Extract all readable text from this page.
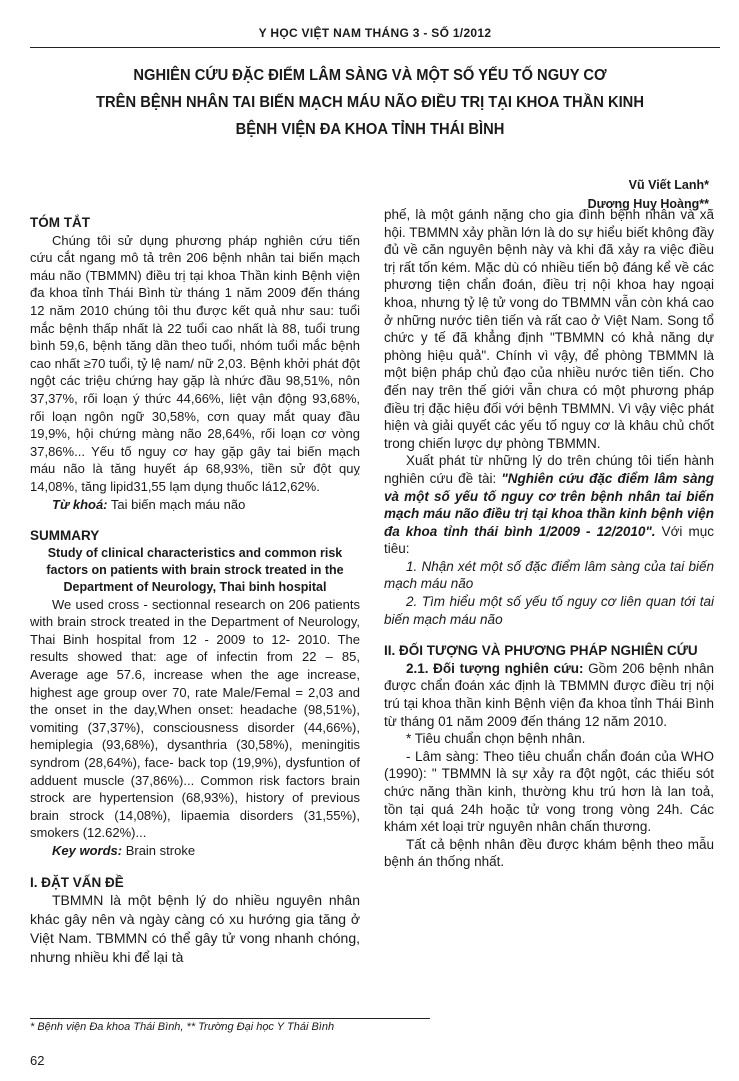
Y HỌC VIỆT NAM THÁNG 3 - SỐ 1/2012
NGHIÊN CỨU ĐẶC ĐIỂM LÂM SÀNG VÀ MỘT SỐ YẾU TỐ NGUY CƠ
TRÊN BỆNH NHÂN TAI BIẾN MẠCH MÁU NÃO ĐIỀU TRỊ TẠI KHOA THẦN KINH
BỆNH VIỆN ĐA KHOA TỈNH THÁI BÌNH
Vũ Viết Lanh*
Dương Huy Hoàng**

TÓM TẮT

Chúng tôi sử dụng phương pháp nghiên cứu tiến cứu cắt ngang mô tả trên 206 bệnh nhân tai biến mạch máu não (TBMMN) điều trị tại khoa Thần kinh Bệnh viện đa khoa tỉnh Thái Bình từ tháng 1 năm 2009 đến tháng 12 năm 2010 chúng tôi thu được kết quả như sau: tuổi mắc bệnh thấp nhất là 22 tuổi cao nhất là 88, tuổi trung bình 59,6, bệnh tăng dần theo tuổi, nhóm tuổi mắc bệnh cao nhất ≥70 tuổi, tỷ lệ nam/ nữ 2,03. Bệnh khởi phát đột ngột các triệu chứng hay gặp là nhức đầu 98,51%, nôn 37,37%, rối loạn ý thức 44,66%, liệt vận động 93,68%, rối loạn ngôn ngữ 30,58%, cơn quay mắt quay đầu 19,9%, hội chứng màng não 28,64%, rối loạn cơ vòng 37,86%... Yếu tố nguy cơ hay gặp gây tai biến mạch máu não là tăng huyết áp 68,93%, tiền sử đột quỵ 14,08%, tăng lipid31,55 lạm dụng thuốc lá12,62%.

Từ khoá: Tai biến mạch máu não

SUMMARY

Study of clinical characteristics and common risk factors on patients with brain strock treated in the Department of Neurology, Thai binh hospital

We used cross - sectionnal research on 206 patients with brain strock treated in the Department of Neurology, Thai Binh hospital from 12 - 2009 to 12- 2010. The results showed that: age of infectin from 22 – 85, Average age 57.6, increase when the age increase, highest age group over 70, rate Male/Femal = 2,03 and the onset in the day,When onset: headache (98,51%), vomiting (37,37%), consciousness disorder (44,66%), hemiplegia (93,68%), dysanthria (30,58%), meningitis syndrom (28,64%), face- back top (19,9%), dysfuntion of adduent muscle (37,86%)... Common risk factors brain strock are hypertension (68,93%), history of previous brain strock (14,08%), lipaemia disorders (31,55%), smokers (12.62%)...

Key words: Brain stroke

I. ĐẶT VẤN ĐỀ

TBMMN là một bệnh lý do nhiều nguyên nhân khác gây nên và ngày càng có xu hướng gia tăng ở Việt Nam. TBMMN có thể gây tử vong nhanh chóng, nhưng nhiều khi để lại tà

phế, là một gánh nặng cho gia đình bệnh nhân và xã hội. TBMMN xảy phần lớn là do sự hiểu biết không đầy đủ về căn nguyên bệnh này và khi đã xảy ra việc điều trị rất tốn kém. Mặc dù có nhiều tiến bộ đáng kể về các phương tiện chẩn đoán, điều trị nội khoa hay ngoại khoa, nhưng tỷ lệ tử vong do TBMMN vẫn còn khá cao ở những nước tiên tiến và rất cao ở Việt Nam. Song tổ chức y tế đã khẳng định "TBMMN có khả năng dự phòng hiệu quả". Chính vì vậy, để phòng TBMMN là một biện pháp chủ đạo của nhiều nước tiên tiến. Cho đến nay trên thế giới vẫn chưa có một phương pháp điều trị đặc hiệu đối với bệnh TBMMN. Vì vậy việc phát hiện và giải quyết các yếu tố nguy cơ là khâu chủ chốt trong chiến lược dự phòng TBMMN.

Xuất phát từ những lý do trên chúng tôi tiến hành nghiên cứu đề tài: "Nghiên cứu đặc điểm lâm sàng và một số yếu tố nguy cơ trên bệnh nhân tai biến mạch máu não điều trị tại khoa thần kinh bệnh viện đa khoa tỉnh thái bình 1/2009 - 12/2010". Với mục tiêu:

1. Nhận xét một số đặc điểm lâm sàng của tai biến mạch máu não

2. Tìm hiểu một số yếu tố nguy cơ liên quan tới tai biến mạch máu não

II. ĐỐI TƯỢNG VÀ PHƯƠNG PHÁP NGHIÊN CỨU

2.1. Đối tượng nghiên cứu: Gồm 206 bệnh nhân được chẩn đoán xác định là TBMMN được điều trị nội trú tại khoa thần kinh Bệnh viện đa khoa tỉnh Thái Bình từ tháng 01 năm 2009 đến tháng 12 năm 2010.

* Tiêu chuẩn chọn bệnh nhân.

- Lâm sàng: Theo tiêu chuẩn chẩn đoán của WHO (1990): " TBMMN là sự xảy ra đột ngột, các thiếu sót chức năng thần kinh, thường khu trú hơn là lan toả, tồn tại quá 24h hoặc tử vong trong vòng 24h. Các khám xét loại trừ nguyên nhân chấn thương.

Tất cả bệnh nhân đều được khám bệnh theo mẫu bệnh án thống nhất.

* Bệnh viện Đa khoa Thái Bình, ** Trường Đại học Y Thái Bình
62
